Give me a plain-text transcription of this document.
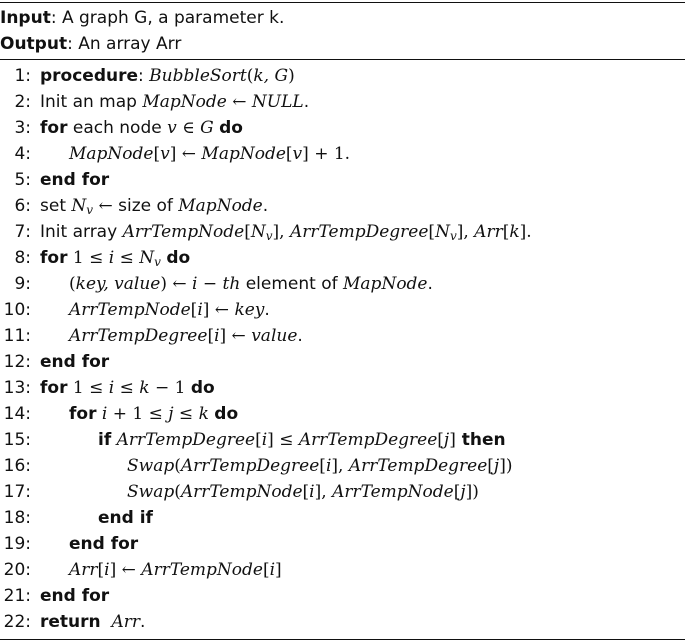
Input: A graph G, a parameter k.
Output: An array Arr
1: procedure: BubbleSort(k, G)
2: Init an map MapNode ← NULL.
3: for each node v ∈ G do
4: MapNode[v] ← MapNode[v] + 1.
5: end for
6: set Nv ← size of MapNode.
7: Init array ArrTempNode[Nv], ArrTempDegree[Nv], Arr[k].
8: for 1 ≤ i ≤ Nv do
9: (key, value) ← i − th element of MapNode.
10: ArrTempNode[i] ← key.
11: ArrTempDegree[i] ← value.
12: end for
13: for 1 ≤ i ≤ k − 1 do
14: for i + 1 ≤ j ≤ k do
15:	if ArrTempDegree[i] ≤ ArrTempDegree[j] then
16:	Swap(ArrTempDegree[i], ArrTempDegree[j])
17:	Swap(ArrTempNode[i], ArrTempNode[j])
18:	end if
19: end for
20: Arr[i] ← ArrTempNode[i]
21: end for
22: return Arr.
